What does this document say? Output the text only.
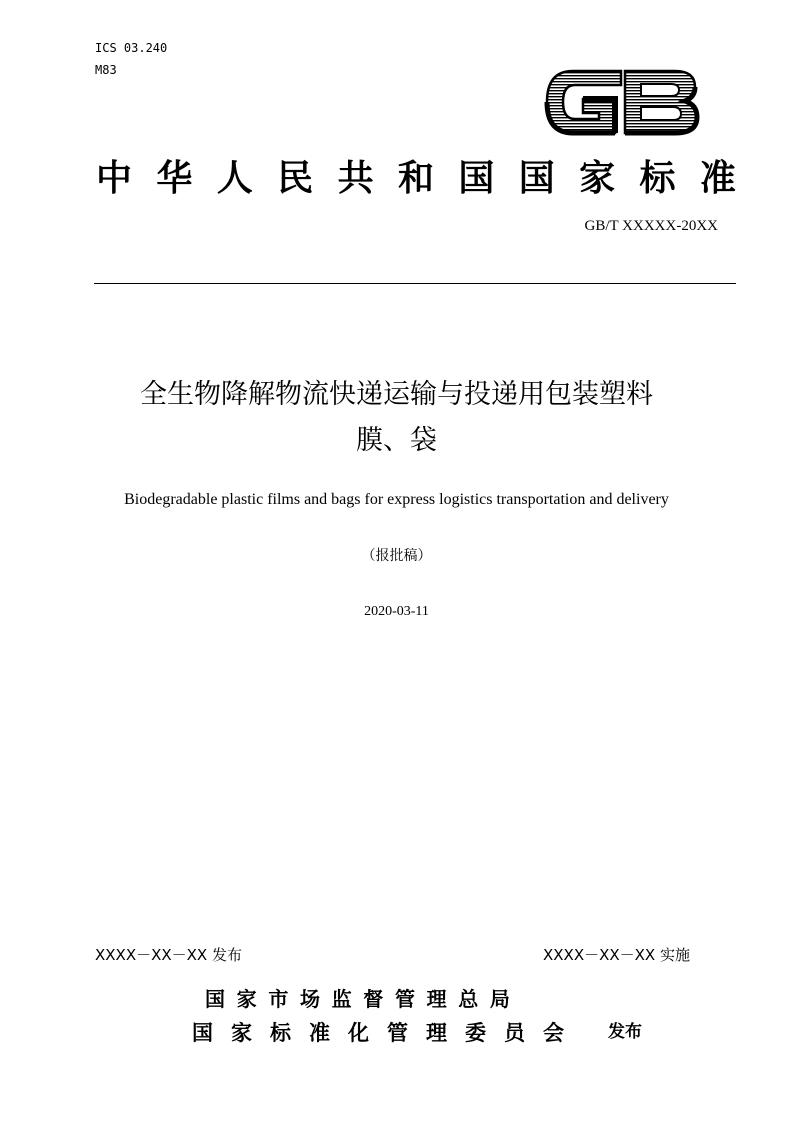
ICS 03.240
M83
中 华 人 民 共 和 国 国 家 标 准
GB/T XXXXX-20XX
全生物降解物流快递运输与投递用包装塑料
膜、袋
Biodegradable plastic films and bags for express logistics transportation and delivery
（报批稿）
2020-03-11
XXXX－XX－XX 发布	XXXX－XX－XX 实施
国 家 市 场 监 督 管 理 总 局
国 家 标 准 化 管 理 委 员 会	发布
